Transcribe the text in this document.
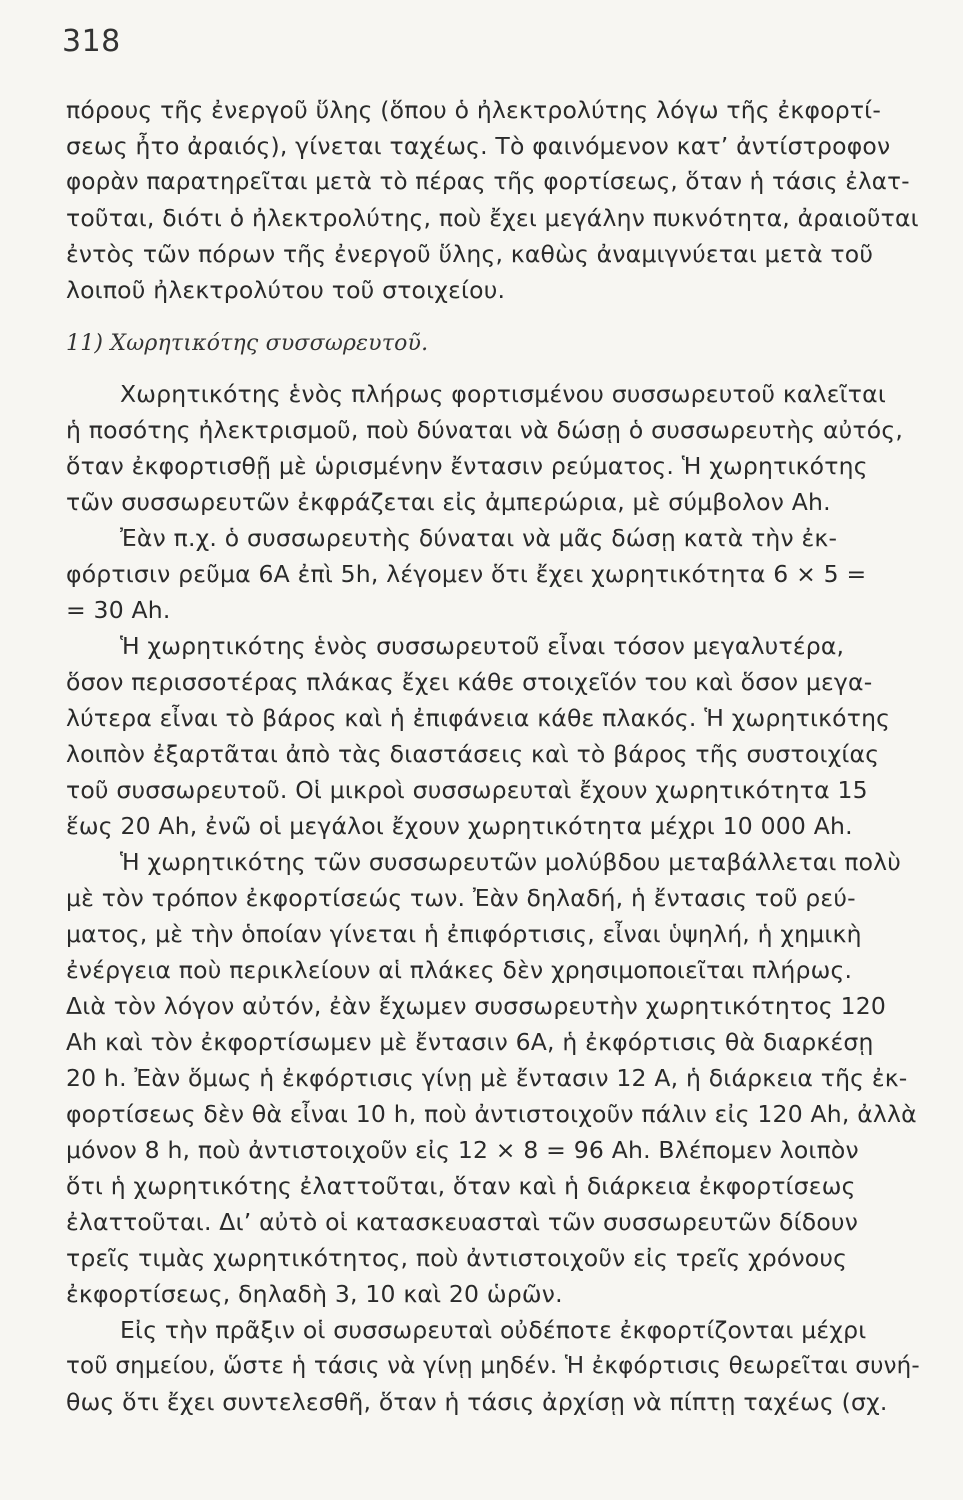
318
πόρους τῆς ἐνεργοῦ ὕλης (ὅπου ὁ ἠλεκτρολύτης λόγω τῆς ἐκφορτί-
σεως ἦτο ἀραιός), γίνεται ταχέως. Τὸ φαινόμενον κατ’ ἀντίστροφον
φορὰν παρατηρεῖται μετὰ τὸ πέρας τῆς φορτίσεως, ὅταν ἡ τάσις ἐλατ-
τοῦται, διότι ὁ ἠλεκτρολύτης, ποὺ ἔχει μεγάλην πυκνότητα, ἀραιοῦται
ἐντὸς τῶν πόρων τῆς ἐνεργοῦ ὕλης, καθὼς ἀναμιγνύεται μετὰ τοῦ
λοιποῦ ἠλεκτρολύτου τοῦ στοιχείου.
11) Χωρητικότης συσσωρευτοῦ.
Χωρητικότης ἑνὸς πλήρως φορτισμένου συσσωρευτοῦ καλεῖται
ἡ ποσότης ἠλεκτρισμοῦ, ποὺ δύναται νὰ δώσῃ ὁ συσσωρευτὴς αὐτός,
ὅταν ἐκφορτισθῇ μὲ ὡρισμένην ἔντασιν ρεύματος. Ἡ χωρητικότης
τῶν συσσωρευτῶν ἐκφράζεται εἰς ἀμπερώρια, μὲ σύμβολον Ah.
Ἐὰν π.χ. ὁ συσσωρευτὴς δύναται νὰ μᾶς δώσῃ κατὰ τὴν ἐκ-
φόρτισιν ρεῦμα 6A ἐπὶ 5h, λέγομεν ὅτι ἔχει χωρητικότητα 6 × 5 =
= 30 Ah.
Ἡ χωρητικότης ἑνὸς συσσωρευτοῦ εἶναι τόσον μεγαλυτέρα,
ὅσον περισσοτέρας πλάκας ἔχει κάθε στοιχεῖόν του καὶ ὅσον μεγα-
λύτερα εἶναι τὸ βάρος καὶ ἡ ἐπιφάνεια κάθε πλακός. Ἡ χωρητικότης
λοιπὸν ἐξαρτᾶται ἀπὸ τὰς διαστάσεις καὶ τὸ βάρος τῆς συστοιχίας
τοῦ συσσωρευτοῦ. Οἱ μικροὶ συσσωρευταὶ ἔχουν χωρητικότητα 15
ἕως 20 Ah, ἐνῶ οἱ μεγάλοι ἔχουν χωρητικότητα μέχρι 10 000 Ah.
Ἡ χωρητικότης τῶν συσσωρευτῶν μολύβδου μεταβάλλεται πολὺ
μὲ τὸν τρόπον ἐκφορτίσεώς των. Ἐὰν δηλαδή, ἡ ἔντασις τοῦ ρεύ-
ματος, μὲ τὴν ὁποίαν γίνεται ἡ ἐπιφόρτισις, εἶναι ὑψηλή, ἡ χημικὴ
ἐνέργεια ποὺ περικλείουν αἱ πλάκες δὲν χρησιμοποιεῖται πλήρως.
Διὰ τὸν λόγον αὐτόν, ἐὰν ἔχωμεν συσσωρευτὴν χωρητικότητος 120
Ah καὶ τὸν ἐκφορτίσωμεν μὲ ἔντασιν 6A, ἡ ἐκφόρτισις θὰ διαρκέσῃ
20 h. Ἐὰν ὅμως ἡ ἐκφόρτισις γίνῃ μὲ ἔντασιν 12 A, ἡ διάρκεια τῆς ἐκ-
φορτίσεως δὲν θὰ εἶναι 10 h, ποὺ ἀντιστοιχοῦν πάλιν εἰς 120 Ah, ἀλλὰ
μόνον 8 h, ποὺ ἀντιστοιχοῦν εἰς 12 × 8 = 96 Ah. Βλέπομεν λοιπὸν
ὅτι ἡ χωρητικότης ἐλαττοῦται, ὅταν καὶ ἡ διάρκεια ἐκφορτίσεως
ἐλαττοῦται. Δι’ αὐτὸ οἱ κατασκευασταὶ τῶν συσσωρευτῶν δίδουν
τρεῖς τιμὰς χωρητικότητος, ποὺ ἀντιστοιχοῦν εἰς τρεῖς χρόνους
ἐκφορτίσεως, δηλαδὴ 3, 10 καὶ 20 ὡρῶν.
Εἰς τὴν πρᾶξιν οἱ συσσωρευταὶ οὐδέποτε ἐκφορτίζονται μέχρι
τοῦ σημείου, ὥστε ἡ τάσις νὰ γίνῃ μηδέν. Ἡ ἐκφόρτισις θεωρεῖται συνή-
θως ὅτι ἔχει συντελεσθῆ, ὅταν ἡ τάσις ἀρχίσῃ νὰ πίπτῃ ταχέως (σχ.
